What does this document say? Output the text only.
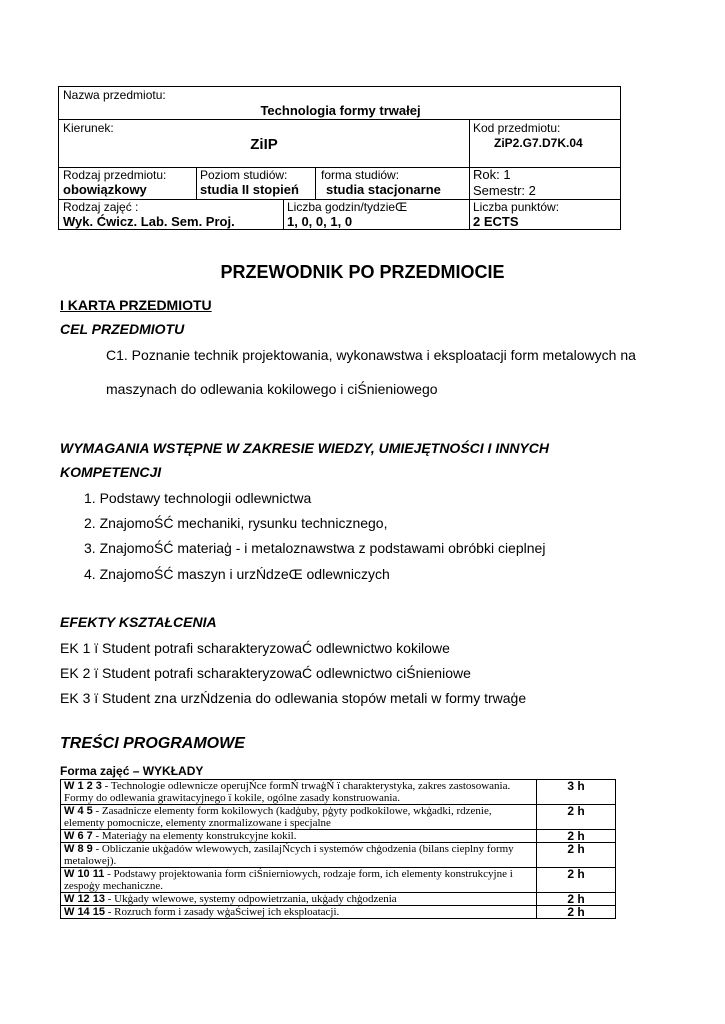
Nazwa przedmiotu:
Technologia formy trwałej
Kierunek:
ZiIP
Kod przedmiotu:
ZiP2.G7.D7K.04
Rodzaj przedmiotu:
obowiązkowy
Poziom studiów:
studia II stopień
forma studiów:
studia stacjonarne
Rok: 1
Semestr: 2
Rodzaj zajęć :
Wyk. Ćwicz. Lab. Sem. Proj.
Liczba godzin/tydzieŒ
1, 0, 0, 1, 0
Liczba punktów:
2 ECTS
PRZEWODNIK PO PRZEDMIOCIE
I KARTA PRZEDMIOTU
CEL PRZEDMIOTU
C1. Poznanie technik projektowania, wykonawstwa i eksploatacji form metalowych na
maszynach do odlewania kokilowego i ciŚnieniowego
WYMAGANIA WSTĘPNE W ZAKRESIE WIEDZY, UMIEJĘTNOŚCI I INNYCH
KOMPETENCJI
1. Podstawy technologii odlewnictwa
2. ZnajomoŚĆ mechaniki, rysunku technicznego,
3. ZnajomoŚĆ materiaģ - i metaloznawstwa z podstawami obróbki cieplnej
4. ZnajomoŚĆ maszyn i urzŃdzeŒ odlewniczych
EFEKTY KSZTAŁCENIA
EK 1 ï Student potrafi scharakteryzowaĆ odlewnictwo kokilowe
EK 2 ï Student potrafi scharakteryzowaĆ odlewnictwo ciŚnieniowe
EK 3 ï Student zna urzŃdzenia do odlewania stopów metali w formy trwaģe
TREŚCI PROGRAMOWE
Forma zajęć – WYKŁADY
W 1 2 3 - Technologie odlewnicze operujŃce formŃ trwaģŃ ï charakterystyka, zakres zastosowania. Formy do odlewania grawitacyjnego ï kokile, ogólne zasady konstruowania.	3 h
W 4 5 - Zasadnicze elementy form kokilowych (kadģuby, pģyty podkokilowe, wkģadki, rdzenie, elementy pomocnicze, elementy znormalizowane i specjalne	2 h
W 6 7 - Materiaģy na elementy konstrukcyjne kokil.	2 h
W 8 9 - Obliczanie ukģadów wlewowych, zasilajŃcych i systemów chģodzenia (bilans cieplny formy metalowej).	2 h
W 10 11 - Podstawy projektowania form ciŚnierniowych, rodzaje form, ich elementy konstrukcyjne i zespoģy mechaniczne.	2 h
W 12 13 - Ukģady wlewowe, systemy odpowietrzania, ukģady chģodzenia	2 h
W 14 15 - Rozruch form i zasady wģaŚciwej ich eksploatacji.	2 h
